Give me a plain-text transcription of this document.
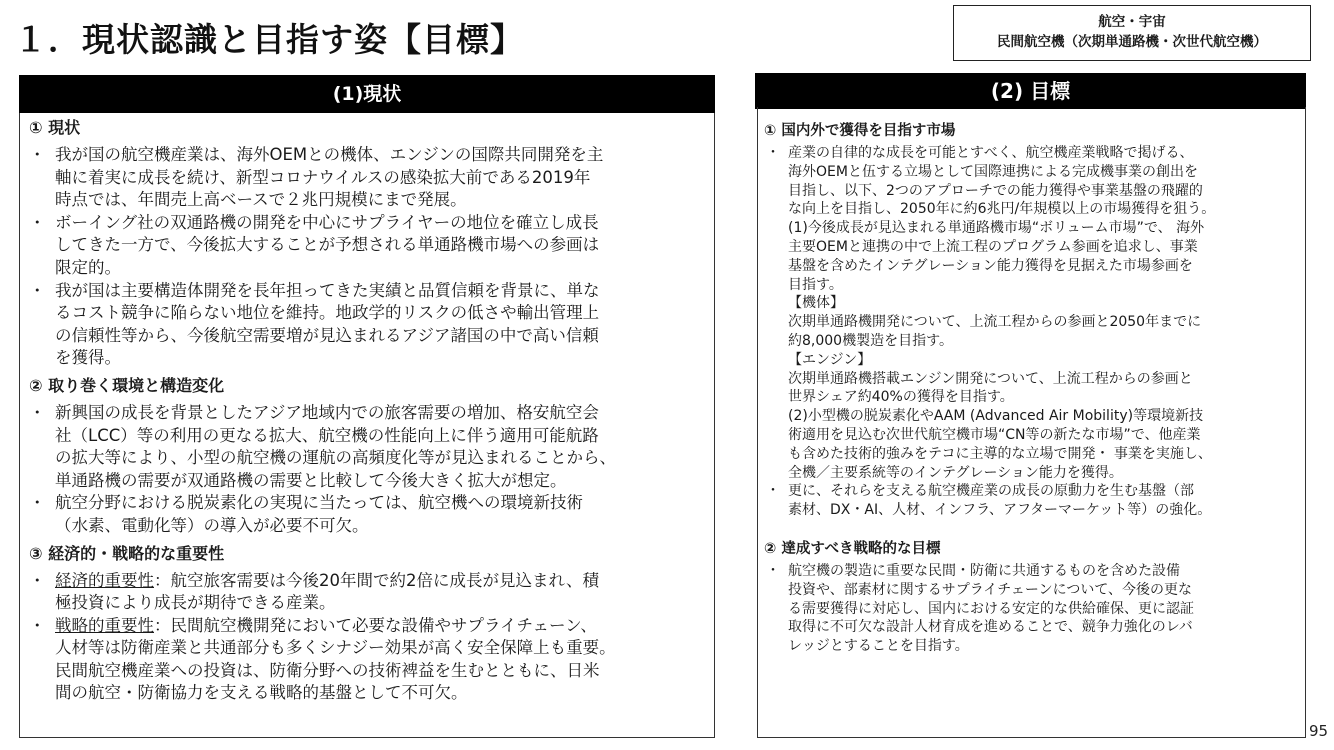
１．現状認識と目指す姿【目標】	航空・宇宙
民間航空機（次期単通路機・次世代航空機）
(1)現状	(2) 目標
① 現状
・ 我が国の航空機産業は、海外OEMとの機体、エンジンの国際共同開発を主
軸に着実に成長を続け、新型コロナウイルスの感染拡大前である2019年
時点では、年間売上高ベースで２兆円規模にまで発展。
・ ボーイング社の双通路機の開発を中心にサプライヤーの地位を確立し成長
してきた一方で、今後拡大することが予想される単通路機市場への参画は
限定的。
・ 我が国は主要構造体開発を長年担ってきた実績と品質信頼を背景に、単な
るコスト競争に陥らない地位を維持。地政学的リスクの低さや輸出管理上
の信頼性等から、今後航空需要増が見込まれるアジア諸国の中で高い信頼
を獲得。
② 取り巻く環境と構造変化
・ 新興国の成長を背景としたアジア地域内での旅客需要の増加、格安航空会
社（LCC）等の利用の更なる拡大、航空機の性能向上に伴う適用可能航路
の拡大等により、小型の航空機の運航の高頻度化等が見込まれることから、
単通路機の需要が双通路機の需要と比較して今後大きく拡大が想定。
・ 航空分野における脱炭素化の実現に当たっては、航空機への環境新技術
（水素、電動化等）の導入が必要不可欠。
③ 経済的・戦略的な重要性
・ 経済的重要性：航空旅客需要は今後20年間で約2倍に成長が見込まれ、積
極投資により成長が期待できる産業。
・ 戦略的重要性：民間航空機開発において必要な設備やサプライチェーン、
人材等は防衛産業と共通部分も多くシナジー効果が高く安全保障上も重要。
民間航空機産業への投資は、防衛分野への技術裨益を生むとともに、日米
間の航空・防衛協力を支える戦略的基盤として不可欠。
① 国内外で獲得を目指す市場
・ 産業の自律的な成長を可能とすべく、航空機産業戦略で掲げる、
海外OEMと伍する立場として国際連携による完成機事業の創出を
目指し、以下、2つのアプローチでの能力獲得や事業基盤の飛躍的
な向上を目指し、2050年に約6兆円/年規模以上の市場獲得を狙う。
(1)今後成長が見込まれる単通路機市場“ボリューム市場”で、 海外
主要OEMと連携の中で上流工程のプログラム参画を追求し、事業
基盤を含めたインテグレーション能力獲得を見据えた市場参画を
目指す。
【機体】
次期単通路機開発について、上流工程からの参画と2050年までに
約8,000機製造を目指す。
【エンジン】
次期単通路機搭載エンジン開発について、上流工程からの参画と
世界シェア約40%の獲得を目指す。
(2)小型機の脱炭素化やAAM (Advanced Air Mobility)等環境新技
術適用を見込む次世代航空機市場“CN等の新たな市場”で、他産業
も含めた技術的強みをテコに主導的な立場で開発・ 事業を実施し、
全機／主要系統等のインテグレーション能力を獲得。
・ 更に、それらを支える航空機産業の成長の原動力を生む基盤（部
素材、DX・AI、人材、インフラ、アフターマーケット等）の強化。
② 達成すべき戦略的な目標
・ 航空機の製造に重要な民間・防衛に共通するものを含めた設備
投資や、部素材に関するサプライチェーンについて、今後の更な
る需要獲得に対応し、国内における安定的な供給確保、更に認証
取得に不可欠な設計人材育成を進めることで、競争力強化のレバ
レッジとすることを目指す。
95
